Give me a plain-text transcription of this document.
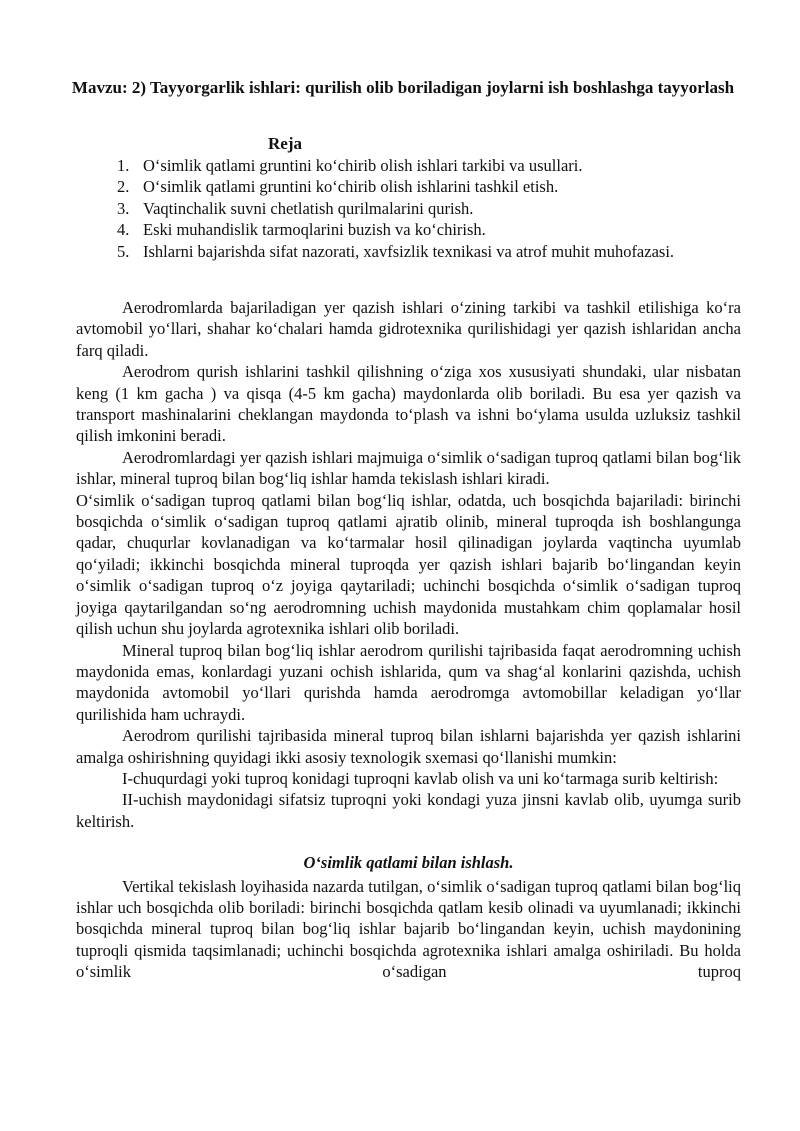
Mavzu: 2) Tayyorgarlik ishlari: qurilish olib boriladigan joylarni ish boshlashga tayyorlash
Reja
1. O‘simlik qatlami gruntini ko‘chirib olish ishlari tarkibi va usullari.
2. O‘simlik qatlami gruntini ko‘chirib olish ishlarini tashkil etish.
3. Vaqtinchalik suvni chetlatish qurilmalarini qurish.
4. Eski muhandislik tarmoqlarini buzish va ko‘chirish.
5. Ishlarni bajarishda sifat nazorati, xavfsizlik texnikasi va atrof muhit muhofazasi.

Aerodromlarda bajariladigan yer qazish ishlari o‘zining tarkibi va tashkil etilishiga ko‘ra avtomobil yo‘llari, shahar ko‘chalari hamda gidrotexnika qurilishidagi yer qazish ishlaridan ancha farq qiladi.

Aerodrom qurish ishlarini tashkil qilishning o‘ziga xos xususiyati shundaki, ular nisbatan keng (1 km gacha ) va qisqa (4-5 km gacha) maydonlarda olib boriladi. Bu esa yer qazish va transport mashinalarini cheklangan maydonda to‘plash va ishni bo‘ylama usulda uzluksiz tashkil qilish imkonini beradi.

Aerodromlardagi yer qazish ishlari majmuiga o‘simlik o‘sadigan tuproq qatlami bilan bog‘lik ishlar, mineral tuproq bilan bog‘liq ishlar hamda tekislash ishlari kiradi.

O‘simlik o‘sadigan tuproq qatlami bilan bog‘liq ishlar, odatda, uch bosqichda bajariladi: birinchi bosqichda o‘simlik o‘sadigan tuproq qatlami ajratib olinib, mineral tuproqda ish boshlangunga qadar, chuqurlar kovlanadigan va ko‘tarmalar hosil qilinadigan joylarda vaqtincha uyumlab qo‘yiladi; ikkinchi bosqichda mineral tuproqda yer qazish ishlari bajarib bo‘lingandan keyin o‘simlik o‘sadigan tuproq o‘z joyiga qaytariladi; uchinchi bosqichda o‘simlik o‘sadigan tuproq joyiga qaytarilgandan so‘ng aerodromning uchish maydonida mustahkam chim qoplamalar hosil qilish uchun shu joylarda agrotexnika ishlari olib boriladi.

Mineral tuproq bilan bog‘liq ishlar aerodrom qurilishi tajribasida faqat aerodromning uchish maydonida emas, konlardagi yuzani ochish ishlarida, qum va shag‘al konlarini qazishda, uchish maydonida avtomobil yo‘llari qurishda hamda aerodromga avtomobillar keladigan yo‘llar qurilishida ham uchraydi.

Aerodrom qurilishi tajribasida mineral tuproq bilan ishlarni bajarishda yer qazish ishlarini amalga oshirishning quyidagi ikki asosiy texnologik sxemasi qo‘llanishi mumkin:

I-chuqurdagi yoki tuproq konidagi tuproqni kavlab olish va uni ko‘tarmaga surib keltirish:

II-uchish maydonidagi sifatsiz tuproqni yoki kondagi yuza jinsni kavlab olib, uyumga surib keltirish.

O‘simlik qatlami bilan ishlash.

Vertikal tekislash loyihasida nazarda tutilgan, o‘simlik o‘sadigan tuproq qatlami bilan bog‘liq ishlar uch bosqichda olib boriladi: birinchi bosqichda qatlam kesib olinadi va uyumlanadi; ikkinchi bosqichda mineral tuproq bilan bog‘liq ishlar bajarib bo‘lingandan keyin, uchish maydonining tuproqli qismida taqsimlanadi; uchinchi bosqichda agrotexnika ishlari amalga oshiriladi. Bu holda o‘simlik o‘sadigan tuproq
